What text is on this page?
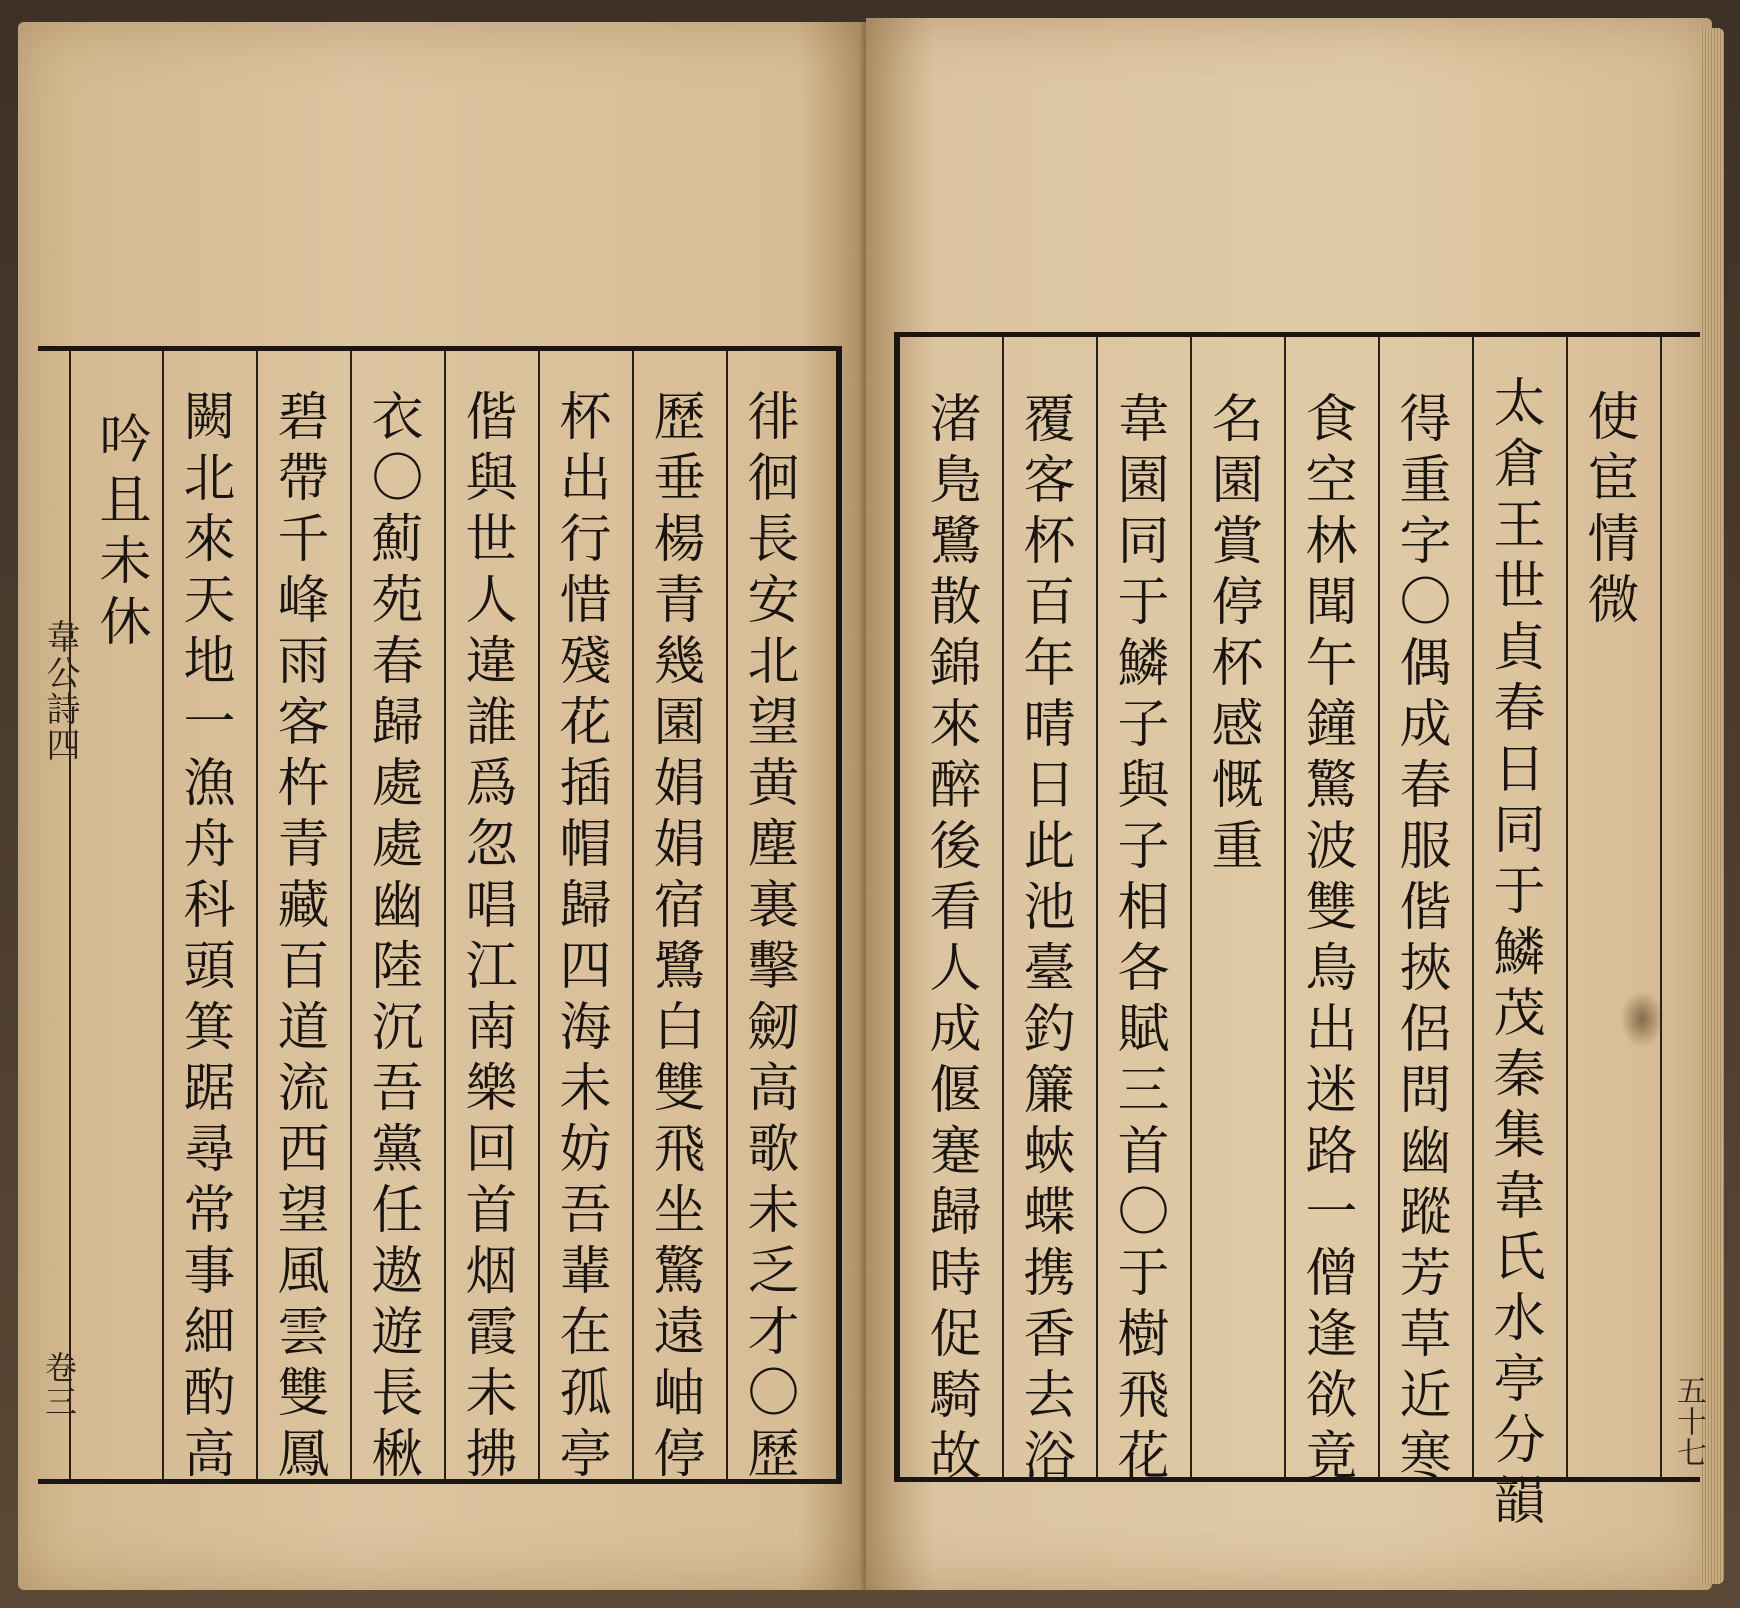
徘徊長安北望黄塵裏擊劒高歌未乏才〇歷
歷垂楊青幾園娟娟宿鷺白雙飛坐驚遠岫停
杯出行惜殘花插帽歸四海未妨吾輩在孤亭
偕與世人違誰爲忽唱江南樂回首烟霞未拂
衣〇薊苑春歸處處幽陸沉吾黨任遨遊長楸
碧帶千峰雨客杵青藏百道流西望風雲雙鳳
闕北來天地一漁舟科頭箕踞尋常事細酌高
吟且未休
韋公詩四
卷三
使宦情微
太倉王世貞春日同于鱗茂秦集韋氏水亭分韻
得重字〇偶成春服偕挾侶問幽蹤芳草近寒
食空林聞午鐘驚波雙鳥出迷路一僧逢欲竟
名園賞停杯感慨重
韋園同于鱗子與子相各賦三首〇于樹飛花
覆客杯百年晴日此池臺釣簾蛺蝶携香去浴
渚鳬鷺散錦來醉後看人成偃蹇歸時促騎故	五十七
